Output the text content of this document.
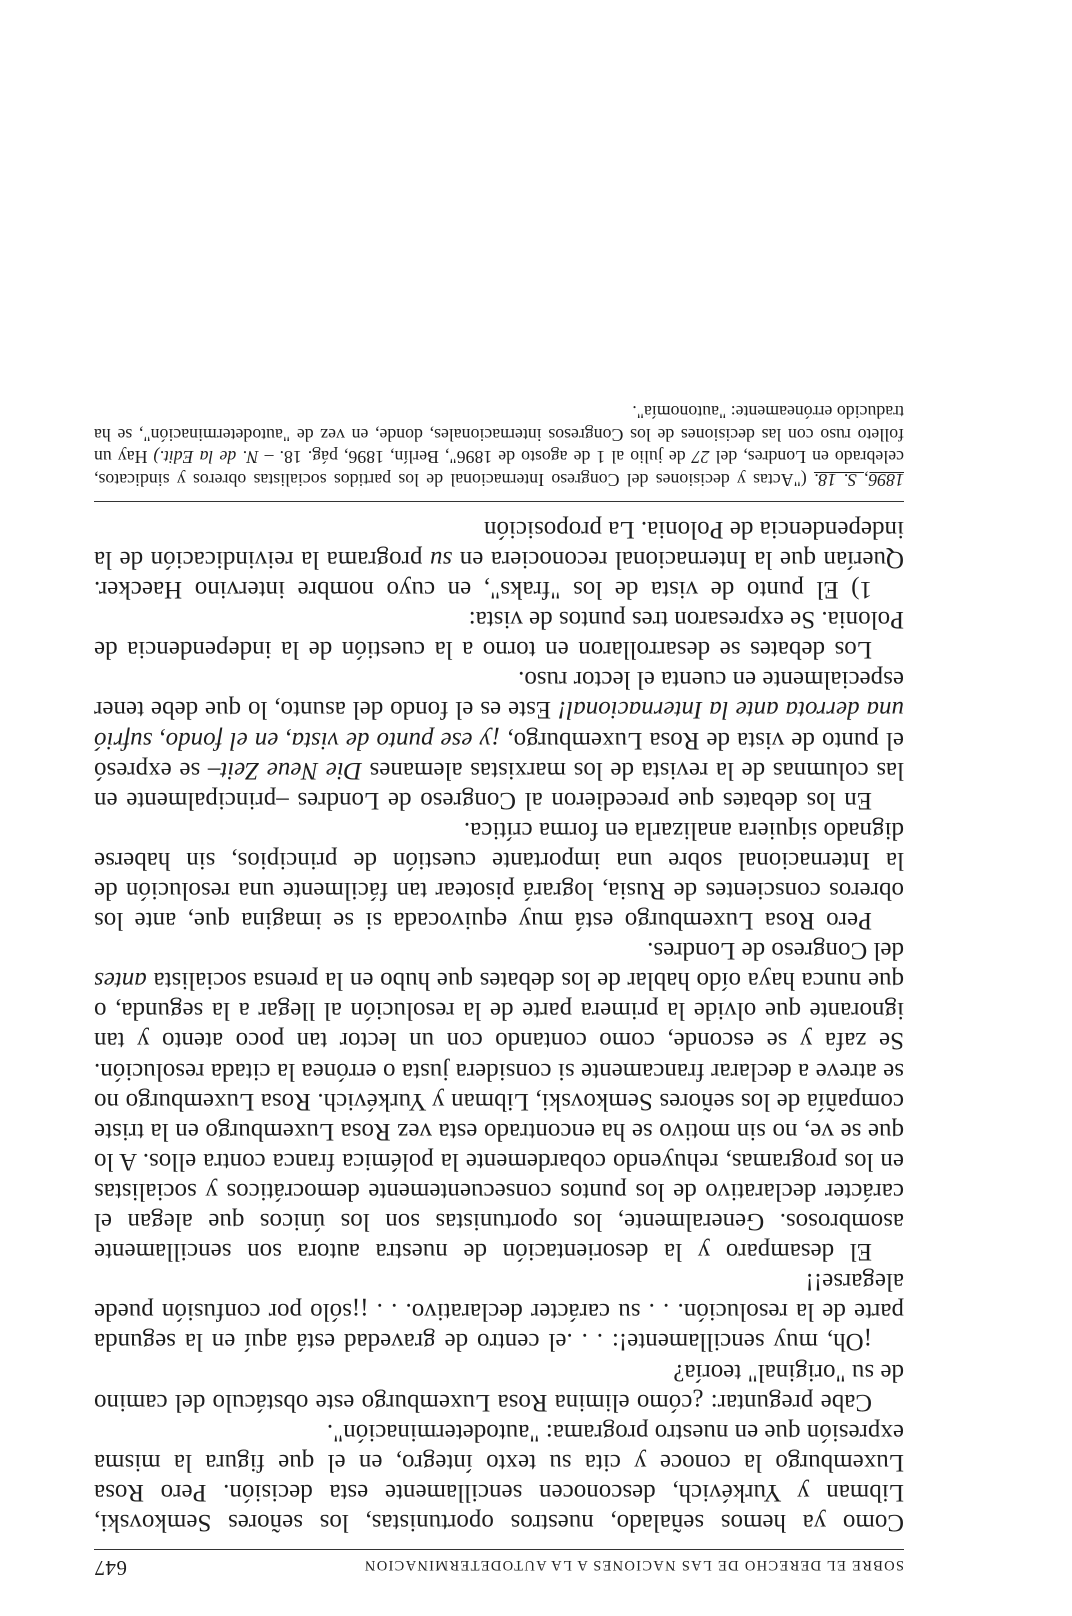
SOBRE EL DERECHO DE LAS NACIONES A LA AUTODETERMINACION
647

Como ya hemos señalado, nuestros oportunistas, los señores Semkovski, Libman y Yurkévich, desconocen sencillamente esta decisión. Pero Rosa Luxemburgo la conoce y cita su texto íntegro, en el que figura la misma expresión que en nuestro programa: "autodeterminación".

Cabe preguntar: ¿cómo elimina Rosa Luxemburgo este obstáculo del camino de su "original" teoría?

¡Oh, muy sencillamente!: . . .el centro de gravedad está aquí en la segunda parte de la resolución. . . su carácter declarativo. . . ¡¡sólo por confusión puede alegarse!!

El desamparo y la desorientación de nuestra autora son sencillamente asombrosos. Generalmente, los oportunistas son los únicos que alegan el carácter declarativo de los puntos consecuentemente democráticos y socialistas en los programas, rehuyendo cobardemente la polémica franca contra ellos. A lo que se ve, no sin motivo se ha encontrado esta vez Rosa Luxemburgo en la triste compañía de los señores Semkovski, Libman y Yurkévich. Rosa Luxemburgo no se atreve a declarar francamente si considera justa o errónea la citada resolución. Se zafa y se esconde, como contando con un lector tan poco atento y tan ignorante que olvide la primera parte de la resolución al llegar a la segunda, o que nunca haya oído hablar de los debates que hubo en la prensa socialista antes del Congreso de Londres.

Pero Rosa Luxemburgo está muy equivocada si se imagina que, ante los obreros conscientes de Rusia, logrará pisotear tan fácilmente una resolución de la Internacional sobre una importante cuestión de principios, sin haberse dignado siquiera analizarla en forma crítica.

En los debates que precedieron al Congreso de Londres –principalmente en las columnas de la revista de los marxistas alemanes Die Neue Zeit– se expresó el punto de vista de Rosa Luxemburgo, ¡y ese punto de vista, en el fondo, sufrió una derrota ante la Internacional! Este es el fondo del asunto, lo que debe tener especialmente en cuenta el lector ruso.

Los debates se desarrollaron en torno a la cuestión de la independencia de Polonia. Se expresaron tres puntos de vista:

1) El punto de vista de los "fraks", en cuyo nombre intervino Haecker. Querían que la Internacional reconociera en su programa la reivindicación de la independencia de Polonia. La proposición

1896, S. 18. ("Actas y decisiones del Congreso Internacional de los partidos socialistas obreros y sindicatos, celebrado en Londres, del 27 de julio al 1 de agosto de 1896", Berlín, 1896, pág. 18. – N. de la Edit.) Hay un folleto ruso con las decisiones de los Congresos internacionales, donde, en vez de "autodeterminación", se ha traducido erróneamente: "autonomía".
